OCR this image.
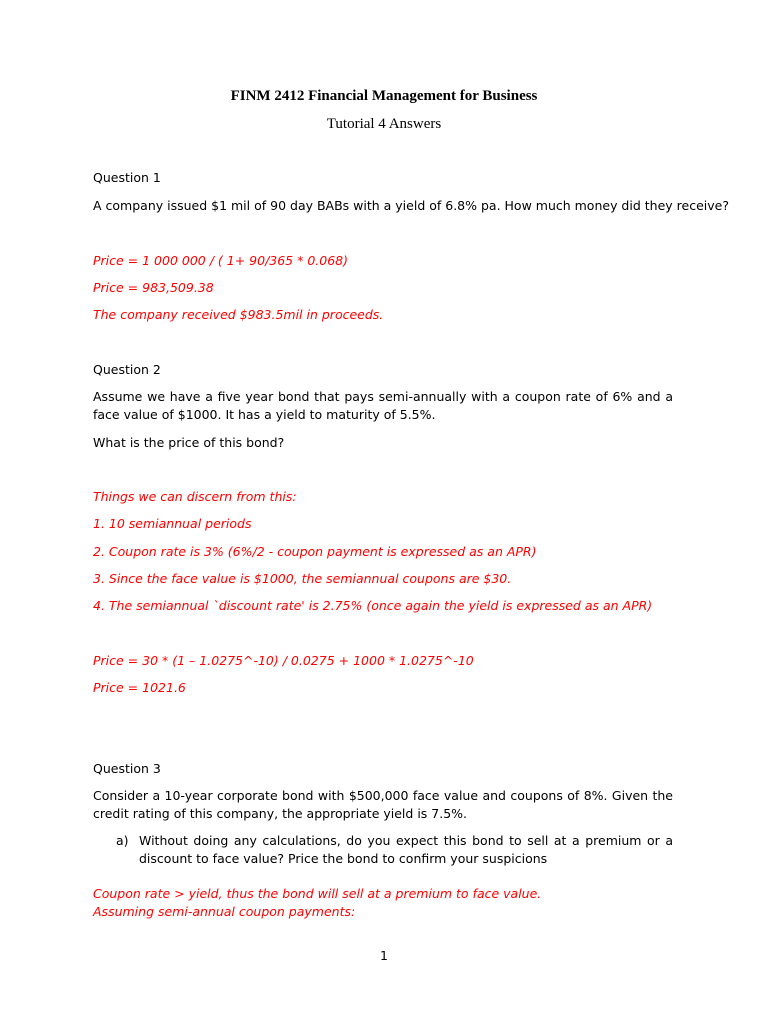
FINM 2412 Financial Management for Business
Tutorial 4 Answers
Question 1
A company issued $1 mil of 90 day BABs with a yield of 6.8% pa. How much money did they receive?
Price = 1 000 000 / ( 1+ 90/365 * 0.068)
Price = 983,509.38
The company received $983.5mil in proceeds.
Question 2
Assume we have a five year bond that pays semi-annually with a coupon rate of 6% and a face value of $1000. It has a yield to maturity of 5.5%.
What is the price of this bond?
Things we can discern from this:
1. 10 semiannual periods
2. Coupon rate is 3% (6%/2 - coupon payment is expressed as an APR)
3. Since the face value is $1000, the semiannual coupons are $30.
4. The semiannual `discount rate' is 2.75% (once again the yield is expressed as an APR)
Price = 30 * (1 – 1.0275^-10) / 0.0275 + 1000 * 1.0275^-10
Price = 1021.6
Question 3
Consider a 10-year corporate bond with $500,000 face value and coupons of 8%. Given the credit rating of this company, the appropriate yield is 7.5%.
a) Without doing any calculations, do you expect this bond to sell at a premium or a discount to face value? Price the bond to confirm your suspicions
Coupon rate > yield, thus the bond will sell at a premium to face value.
Assuming semi-annual coupon payments:
1
